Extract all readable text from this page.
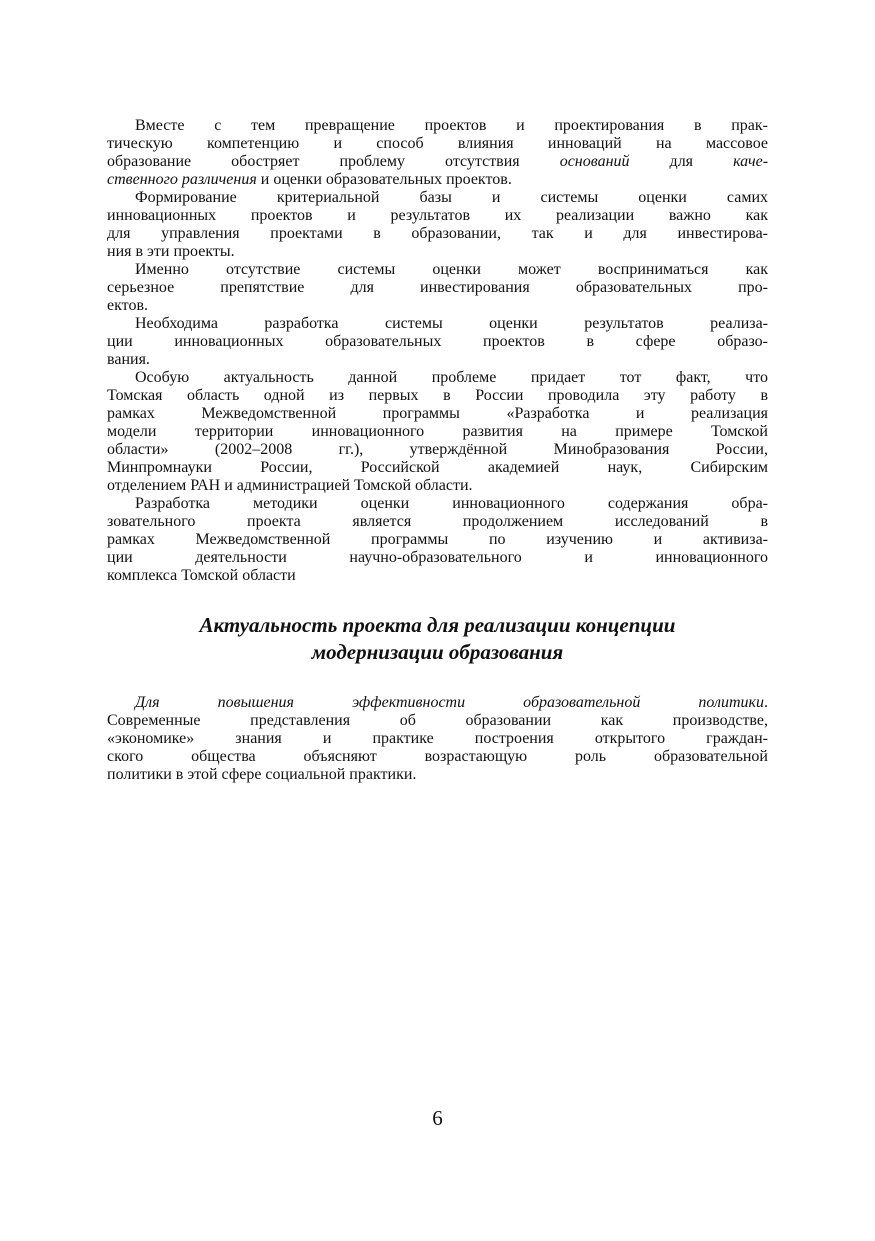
Вместе с тем превращение проектов и проектирования в прак-
тическую компетенцию и способ влияния инноваций на массовое
образование обостряет проблему отсутствия оснований для каче-
ственного различения и оценки образовательных проектов.
Формирование критериальной базы и системы оценки самих
инновационных проектов и результатов их реализации важно как
для управления проектами в образовании, так и для инвестирова-
ния в эти проекты.
Именно отсутствие системы оценки может восприниматься как
серьезное препятствие для инвестирования образовательных про-
ектов.
Необходима разработка системы оценки результатов реализа-
ции инновационных образовательных проектов в сфере образо-
вания.
Особую актуальность данной проблеме придает тот факт, что
Томская область одной из первых в России проводила эту работу в
рамках Межведомственной программы «Разработка и реализация
модели территории инновационного развития на примере Томской
области» (2002–2008 гг.), утверждённой Минобразования России,
Минпромнауки России, Российской академией наук, Сибирским
отделением РАН и администрацией Томской области.
Разработка методики оценки инновационного содержания обра-
зовательного проекта является продолжением исследований в
рамках Межведомственной программы по изучению и активиза-
ции деятельности научно-образовательного и инновационного
комплекса Томской области
Актуальность проекта для реализации концепции
модернизации образования
Для повышения эффективности образовательной политики.
Современные представления об образовании как производстве,
«экономике» знания и практике построения открытого граждан-
ского общества объясняют возрастающую роль образовательной
политики в этой сфере социальной практики.
6
